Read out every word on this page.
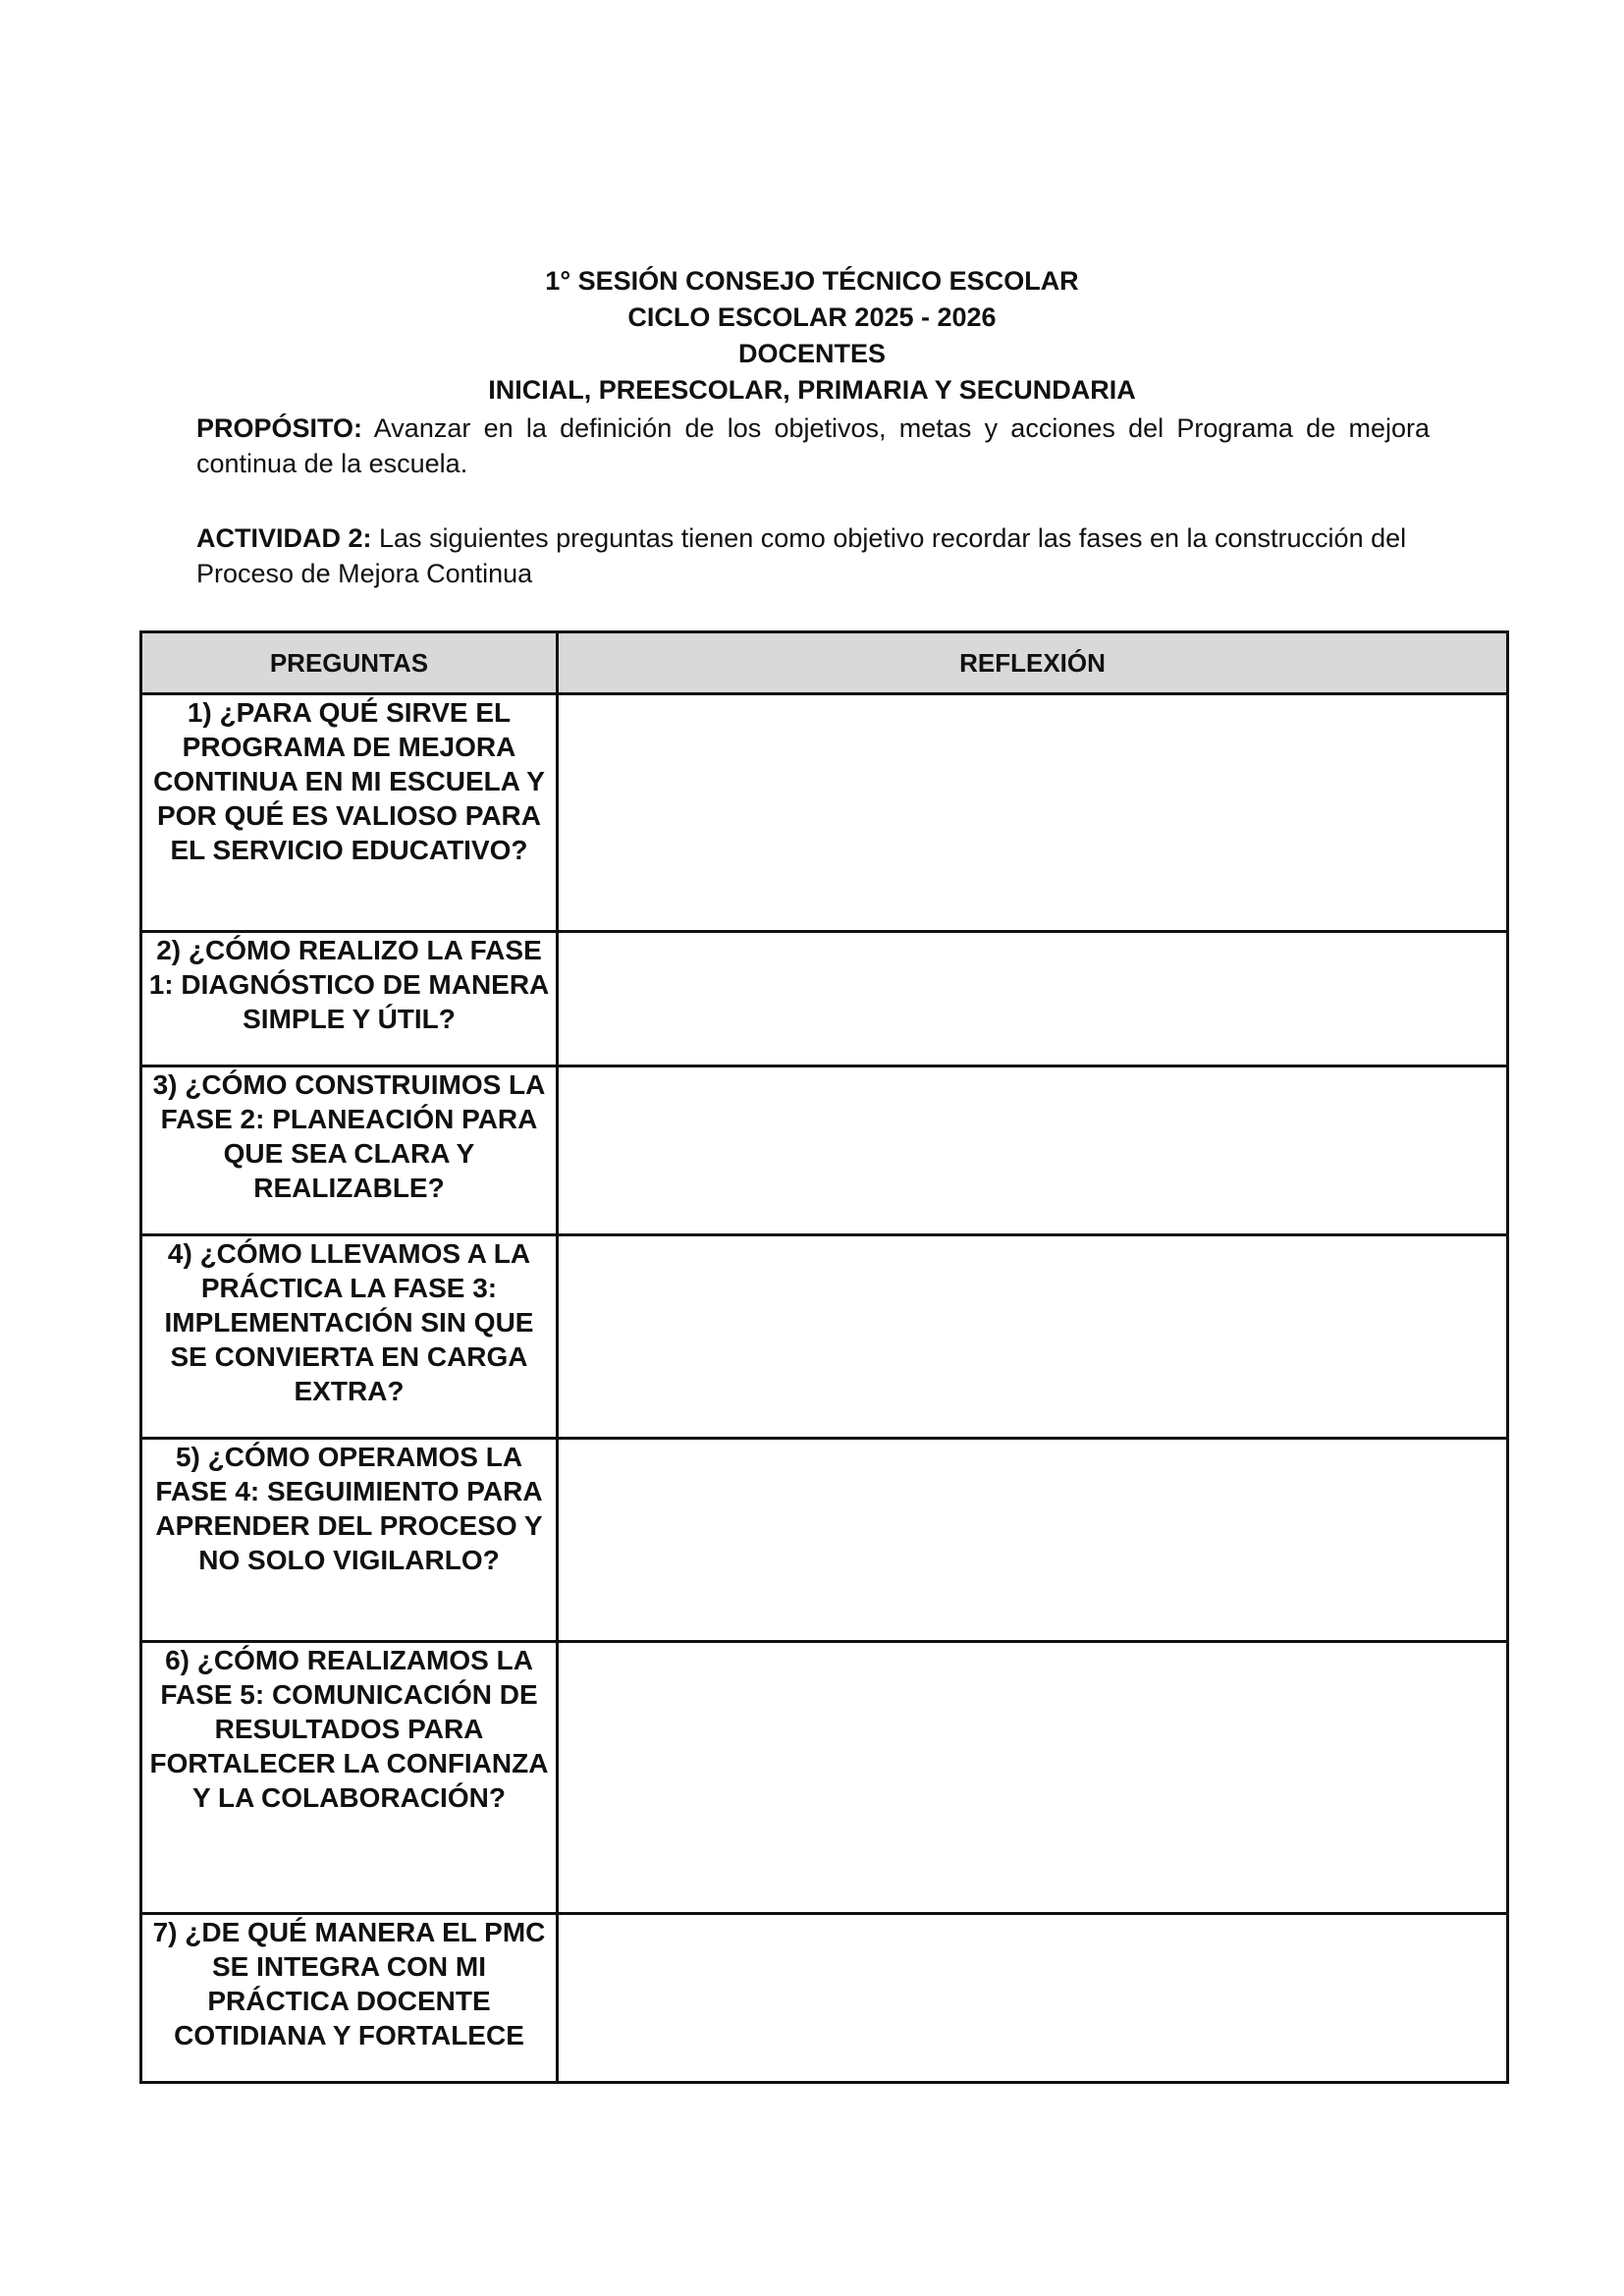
1° SESIÓN CONSEJO TÉCNICO ESCOLAR
CICLO ESCOLAR 2025 - 2026
DOCENTES
INICIAL, PREESCOLAR, PRIMARIA Y SECUNDARIA
PROPÓSITO: Avanzar en la definición de los objetivos, metas y acciones del Programa de mejora continua de la escuela.
ACTIVIDAD 2: Las siguientes preguntas tienen como objetivo recordar las fases en la construcción del Proceso de Mejora Continua
PREGUNTAS	REFLEXIÓN
1) ¿PARA QUÉ SIRVE EL PROGRAMA DE MEJORA CONTINUA EN MI ESCUELA Y POR QUÉ ES VALIOSO PARA EL SERVICIO EDUCATIVO?	
2) ¿CÓMO REALIZO LA FASE 1: DIAGNÓSTICO DE MANERA SIMPLE Y ÚTIL?	
3) ¿CÓMO CONSTRUIMOS LA FASE 2: PLANEACIÓN PARA QUE SEA CLARA Y REALIZABLE?	
4) ¿CÓMO LLEVAMOS A LA PRÁCTICA LA FASE 3: IMPLEMENTACIÓN SIN QUE SE CONVIERTA EN CARGA EXTRA?	
5) ¿CÓMO OPERAMOS LA FASE 4: SEGUIMIENTO PARA APRENDER DEL PROCESO Y NO SOLO VIGILARLO?	
6) ¿CÓMO REALIZAMOS LA FASE 5: COMUNICACIÓN DE RESULTADOS PARA FORTALECER LA CONFIANZA Y LA COLABORACIÓN?	
7) ¿DE QUÉ MANERA EL PMC SE INTEGRA CON MI PRÁCTICA DOCENTE COTIDIANA Y FORTALECE	
